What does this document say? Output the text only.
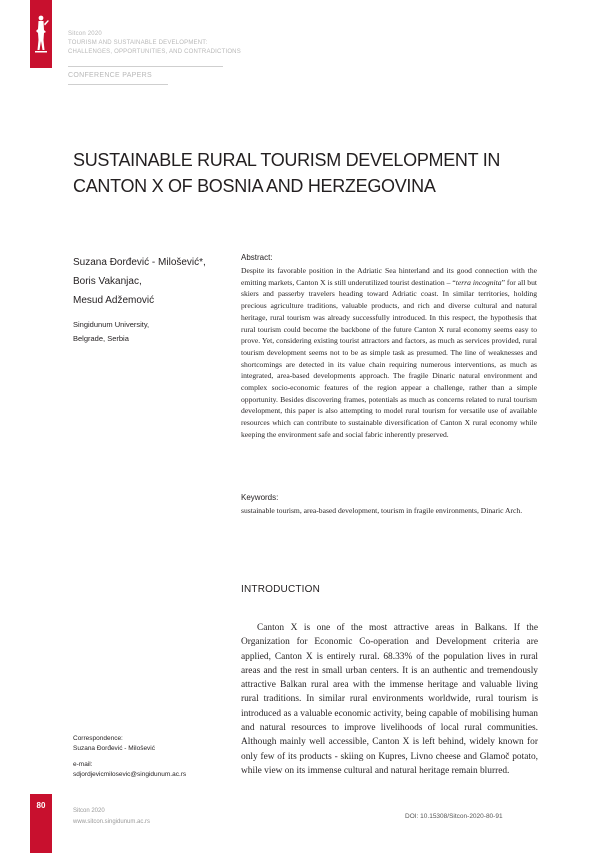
Sitcon 2020
TOURISM AND SUSTAINABLE DEVELOPMENT:
CHALLENGES, OPPORTUNITIES, AND CONTRADICTIONS
CONFERENCE PAPERS
SUSTAINABLE RURAL TOURISM DEVELOPMENT IN
CANTON X OF BOSNIA AND HERZEGOVINA
Suzana Đorđević - Milošević*,
Boris Vakanjac,
Mesud Adžemović
Singidunum University,
Belgrade, Serbia
Abstract:
Despite its favorable position in the Adriatic Sea hinterland and its good connection with the emitting markets, Canton X is still underutilized tourist destination – “terra incognita” for all but skiers and passerby travelers heading toward Adriatic coast. In similar territories, holding precious agriculture traditions, valuable products, and rich and diverse cultural and natural heritage, rural tourism was already successfully introduced. In this respect, the hypothesis that rural tourism could become the backbone of the future Canton X rural economy seems easy to prove. Yet, considering existing tourist attractors and factors, as much as services provided, rural tourism development seems not to be as simple task as presumed. The line of weaknesses and shortcomings are detected in its value chain requiring numerous interventions, as much as integrated, area-based developments approach. The fragile Dinaric natural environment and complex socio-economic features of the region appear a challenge, rather than a simple opportunity. Besides discovering frames, potentials as much as concerns related to rural tourism development, this paper is also attempting to model rural tourism for versatile use of available resources which can contribute to sustainable diversification of Canton X rural economy while keeping the environment safe and social fabric inherently preserved.
Keywords:
sustainable tourism, area-based development, tourism in fragile environments, Dinaric Arch.
INTRODUCTION
Canton X is one of the most attractive areas in Balkans. If the Organization for Economic Co-operation and Development criteria are applied, Canton X is entirely rural. 68.33% of the population lives in rural areas and the rest in small urban centers. It is an authentic and tremendously attractive Balkan rural area with the immense heritage and valuable living rural traditions. In similar rural environments worldwide, rural tourism is introduced as a valuable economic activity, being capable of mobilising human and natural resources to improve livelihoods of local rural communities. Although mainly well accessible, Canton X is left behind, widely known for only few of its products - skiing on Kupres, Livno cheese and Glamoč potato, while view on its immense cultural and natural heritage remain blurred.
Correspondence:
Suzana Đorđević - Milošević
e-mail:
sdjordjevicmilosevic@singidunum.ac.rs
80
Sitcon 2020
www.sitcon.singidunum.ac.rs
DOI: 10.15308/Sitcon-2020-80-91
